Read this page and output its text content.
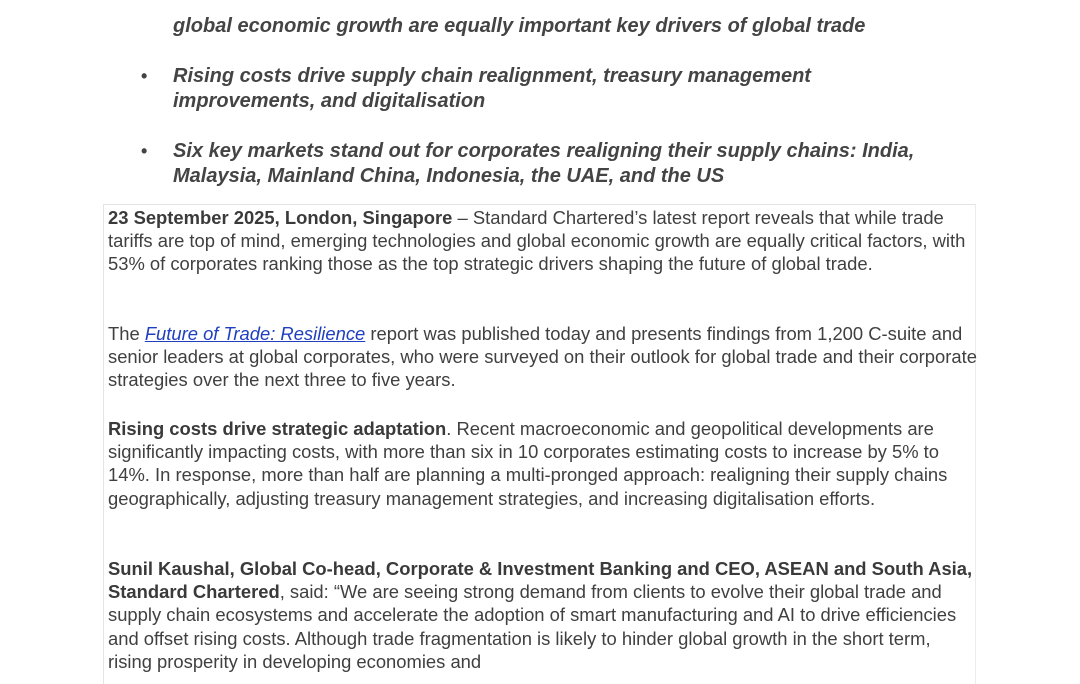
global economic growth are equally important key drivers of global trade
• Rising costs drive supply chain realignment, treasury management improvements, and digitalisation
• Six key markets stand out for corporates realigning their supply chains: India, Malaysia, Mainland China, Indonesia, the UAE, and the US

23 September 2025, London, Singapore – Standard Chartered’s latest report reveals that while trade tariffs are top of mind, emerging technologies and global economic growth are equally critical factors, with 53% of corporates ranking those as the top strategic drivers shaping the future of global trade.

The Future of Trade: Resilience report was published today and presents findings from 1,200 C-suite and senior leaders at global corporates, who were surveyed on their outlook for global trade and their corporate strategies over the next three to five years.

Rising costs drive strategic adaptation. Recent macroeconomic and geopolitical developments are significantly impacting costs, with more than six in 10 corporates estimating costs to increase by 5% to 14%. In response, more than half are planning a multi-pronged approach: realigning their supply chains geographically, adjusting treasury management strategies, and increasing digitalisation efforts.

Sunil Kaushal, Global Co-head, Corporate & Investment Banking and CEO, ASEAN and South Asia, Standard Chartered, said: “We are seeing strong demand from clients to evolve their global trade and supply chain ecosystems and accelerate the adoption of smart manufacturing and AI to drive efficiencies and offset rising costs. Although trade fragmentation is likely to hinder global growth in the short term, rising prosperity in developing economies and
